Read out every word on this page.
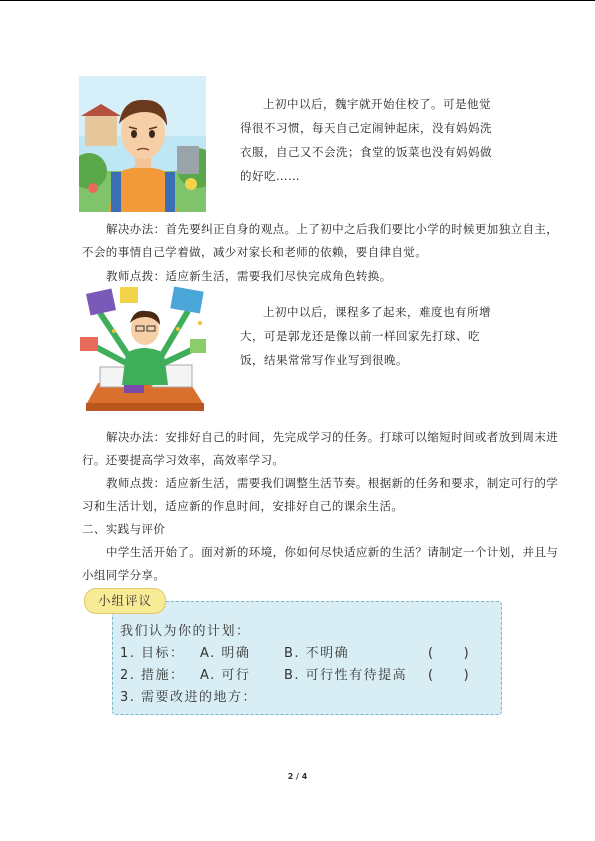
上初中以后，魏宇就开始住校了。可是他觉
得很不习惯，每天自己定闹钟起床，没有妈妈洗
衣服，自己又不会洗；食堂的饭菜也没有妈妈做
的好吃……
解决办法：首先要纠正自身的观点。上了初中之后我们要比小学的时候更加独立自主，
不会的事情自己学着做，减少对家长和老师的依赖，要自律自觉。
教师点拨：适应新生活，需要我们尽快完成角色转换。
上初中以后，课程多了起来，难度也有所增
大，可是郭龙还是像以前一样回家先打球、吃
饭，结果常常写作业写到很晚。
解决办法：安排好自己的时间，先完成学习的任务。打球可以缩短时间或者放到周末进
行。还要提高学习效率，高效率学习。
教师点拨：适应新生活，需要我们调整生活节奏。根据新的任务和要求，制定可行的学
习和生活计划，适应新的作息时间，安排好自己的课余生活。
二、实践与评价
中学生活开始了。面对新的环境，你如何尽快适应新的生活？请制定一个计划，并且与
小组同学分享。
小组评议
我们认为你的计划：
1. 目标： A. 明确	B. 不明确	(　　)
2. 措施： A. 可行	B. 可行性有待提高 (　　)
3. 需要改进的地方：
2 / 4
